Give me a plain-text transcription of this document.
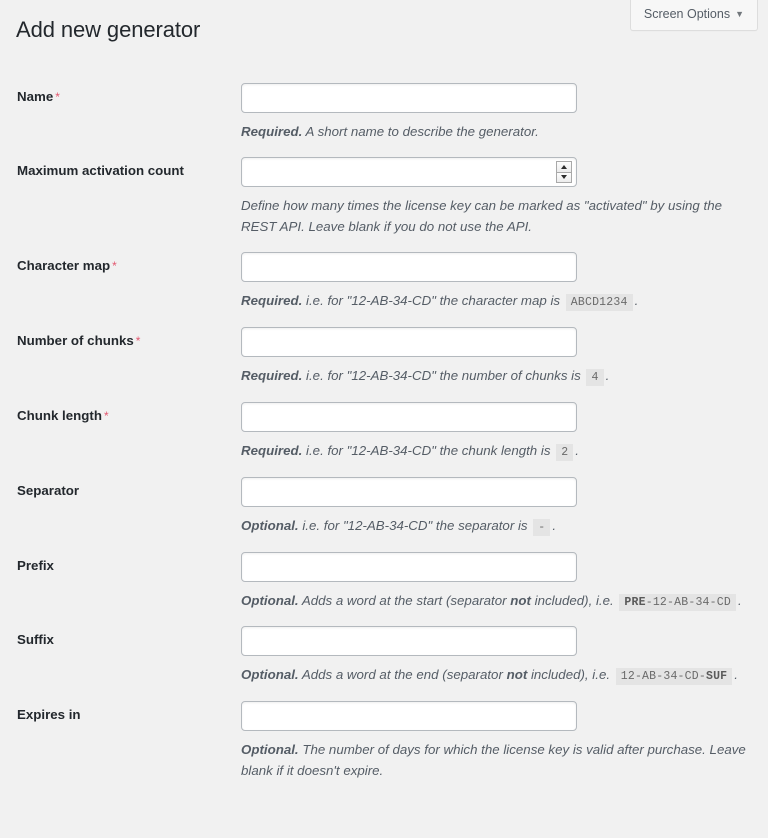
Screen Options ▼
Add new generator
Name *	Required. A short name to describe the generator.

Maximum activation count	Define how many times the license key can be marked as "activated" by using the REST API. Leave blank if you do not use the API.

Character map *	Required. i.e. for "12-AB-34-CD" the character map is ABCD1234 .

Number of chunks *	Required. i.e. for "12-AB-34-CD" the number of chunks is 4 .

Chunk length *	Required. i.e. for "12-AB-34-CD" the chunk length is 2 .

Separator	Optional. i.e. for "12-AB-34-CD" the separator is - .

Prefix	Optional. Adds a word at the start (separator not included), i.e. PRE-12-AB-34-CD .

Suffix	Optional. Adds a word at the end (separator not included), i.e. 12-AB-34-CD-SUF .

Expires in	Optional. The number of days for which the license key is valid after purchase. Leave blank if it doesn't expire.
